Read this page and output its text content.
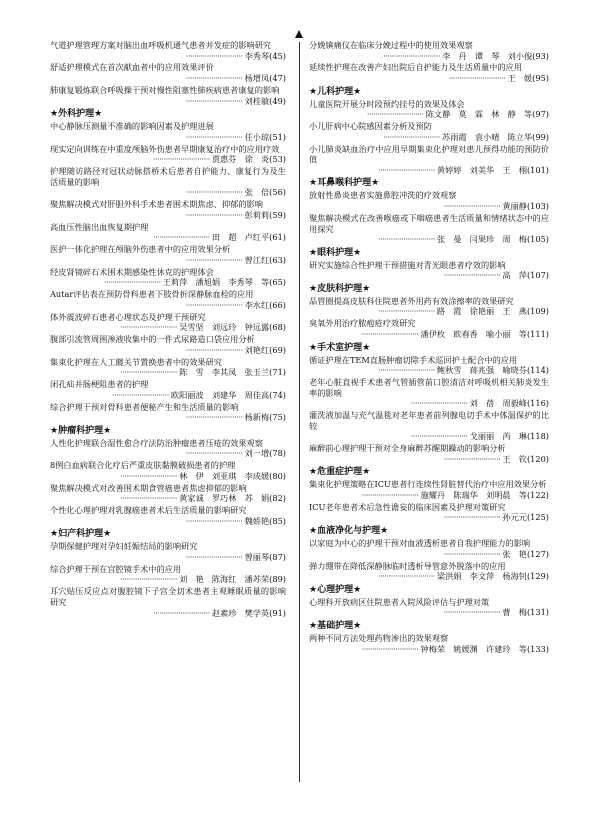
气道护理管理方案对脑出血呼吸机通气患者并发症的影响研究
··························· 李秀琴(45)
舒适护理模式在首次献血者中的应用效果评价
··························· 杨增凤(47)
肺康复锻炼联合呼吸操干预对慢性阻塞性肺疾病患者康复的影响
··························· 刘桂敏(49)
★外科护理★
中心静脉压测量不准确的影响因素及护理进展
··························· 任小琼(51)
现实定向训练在中重度颅脑外伤患者早期康复治疗中的应用疗效
··························· 贾惠芬　徐　炎(53)
护理随访路径对冠状动脉搭桥术后患者自护能力、康复行为及生活质量的影响
··························· 张　倍(56)
聚焦解决模式对肝胆外科手术患者围术期焦虑、抑郁的影响
··························· 彭莉莉(59)
高血压性脑出血恢复期护理
··························· 田　超　卢红平(61)
医护一体化护理在颅脑外伤患者中的应用效果分析
··························· 曾江红(63)
经皮肾镜碎石术围术期感染性休克的护理体会
··························· 王莉萍　潘旭娟　李秀琴　等(65)
Autar评估表在预防骨科患者下肢骨折深静脉血栓的应用
··························· 李水红(66)
体外震波碎石患者心理状态及护理干预研究
··························· 吴雪坚　刘远玲　钟远露(68)
腹部引流管周围渗液收集中的一件式尿路造口袋应用分析
··························· 刘艳红(69)
集束化护理在人工髋关节置换患者中的效果研究
··························· 陈　雪　李其凤　张玉兰(71)
闭孔疝并肠梗阻患者的护理
··························· 欧阳丽波　刘建华　周佳高(74)
综合护理干预对骨科患者便秘产生和生活质量的影响
··························· 杨新梅(75)
★肿瘤科护理★
人性化护理联合湿性愈合疗法防治肿瘤患者压疮的效果观察
··························· 刘一增(78)
8例白血病联合化疗后严重皮肤黏膜破损患者的护理
··························· 林　伊　刘亚琪　李成媛(80)
聚焦解决模式对改善围术期食管癌患者焦虑抑郁的影响
··························· 黄家诚　罗巧林　苏　娟(82)
个性化心理护理对乳腺癌患者术后生活质量的影响研究
··························· 魏娇艳(85)
★妇产科护理★
孕期保健护理对孕妇妊娠结局的影响研究
··························· 曾丽琴(87)
综合护理干预在宫腔镜手术中的应用
··························· 刘　艳　陈海红　潘苏荣(89)
耳穴贴压反应点对腹腔镜下子宫全切术患者主观睡眠质量的影响研究
··························· 赵素珍　樊学英(91)
分娩镇痛仪在临床分娩过程中的使用效果观察
··························· 李　丹　谭　琴　刘小俊(93)
延续性护理在改善产妇出院后自护能力及生活质量中的应用
··························· 王　媛(95)
★儿科护理★
儿童医院开展分时段预约挂号的效果及体会
··························· 陈文静　莫　霖　林　静　等(97)
小儿肝病中心院感因素分析及预防
··························· 苏雨霞　袁小晴　陈立华(99)
小儿肺炎缺血治疗中应用早期集束化护理对患儿预得功能的预防价值
··························· 黄婷婷　刘美华　王　栩(101)
★耳鼻喉科护理★
放射性鼻炎患者实施鼻腔冲洗的疗效观察
··························· 黄丽静(103)
聚焦解决模式在改善喉癌或下咽癌患者生活质量和情绪状态中的应用探究
··························· 张　曼　闫果珍　周　梅(105)
★眼科护理★
研究实施综合性护理干预措施对青光眼患者疗效的影响
··························· 高　萍(107)
★皮肤科护理★
品管圈提高皮肤科住院患者外用药有效涂擦率的效果研究
··························· 路　霞　徐艳丽　王　燕(109)
臭氧外用治疗脓疱疮疗效研究
··························· 潘伊枚　欧春香　喻小丽　等(111)
★手术室护理★
循证护理在TEM直肠肿瘤切除手术巡回护士配合中的应用
··························· 鲍秋雪　蒋兆强　喻晓芬(114)
老年心脏直视手术患者气管插管前口腔清洁对呼吸机相关肺炎发生率的影响
··························· 刘　蓓　周毅峰(116)
灌洗液加温与充气温毯对老年患者前列腺电切手术中体温保护的比较
··························· 戈丽丽　芮　琳(118)
麻醉前心理护理干预对全身麻醉苏醒期躁动的影响分析
··························· 王　钦(120)
★危重症护理★
集束化护理策略在ICU患者行连续性肾脏替代治疗中应用效果分析
··························· 施耀丹　陈瑞华　刘明晨　等(122)
ICU老年患者术后急性谵妄的临床因素及护理对策研究
··························· 孙元元(125)
★血液净化与护理★
以家庭为中心的护理干预对血液透析患者自我护理能力的影响
··························· 张　艳(127)
弹力绷带在降低深静脉临时透析导管意外脱落中的应用
··························· 梁洪娟　李文萍　杨海钊(129)
★心理护理★
心理科开放病区住院患者入院风险评估与护理对策
··························· 曹　梅(131)
★基础护理★
两种不同方法处理药物渗出的效果观察
··························· 钟梅荣　姚媛渊　许建玲　等(133)
